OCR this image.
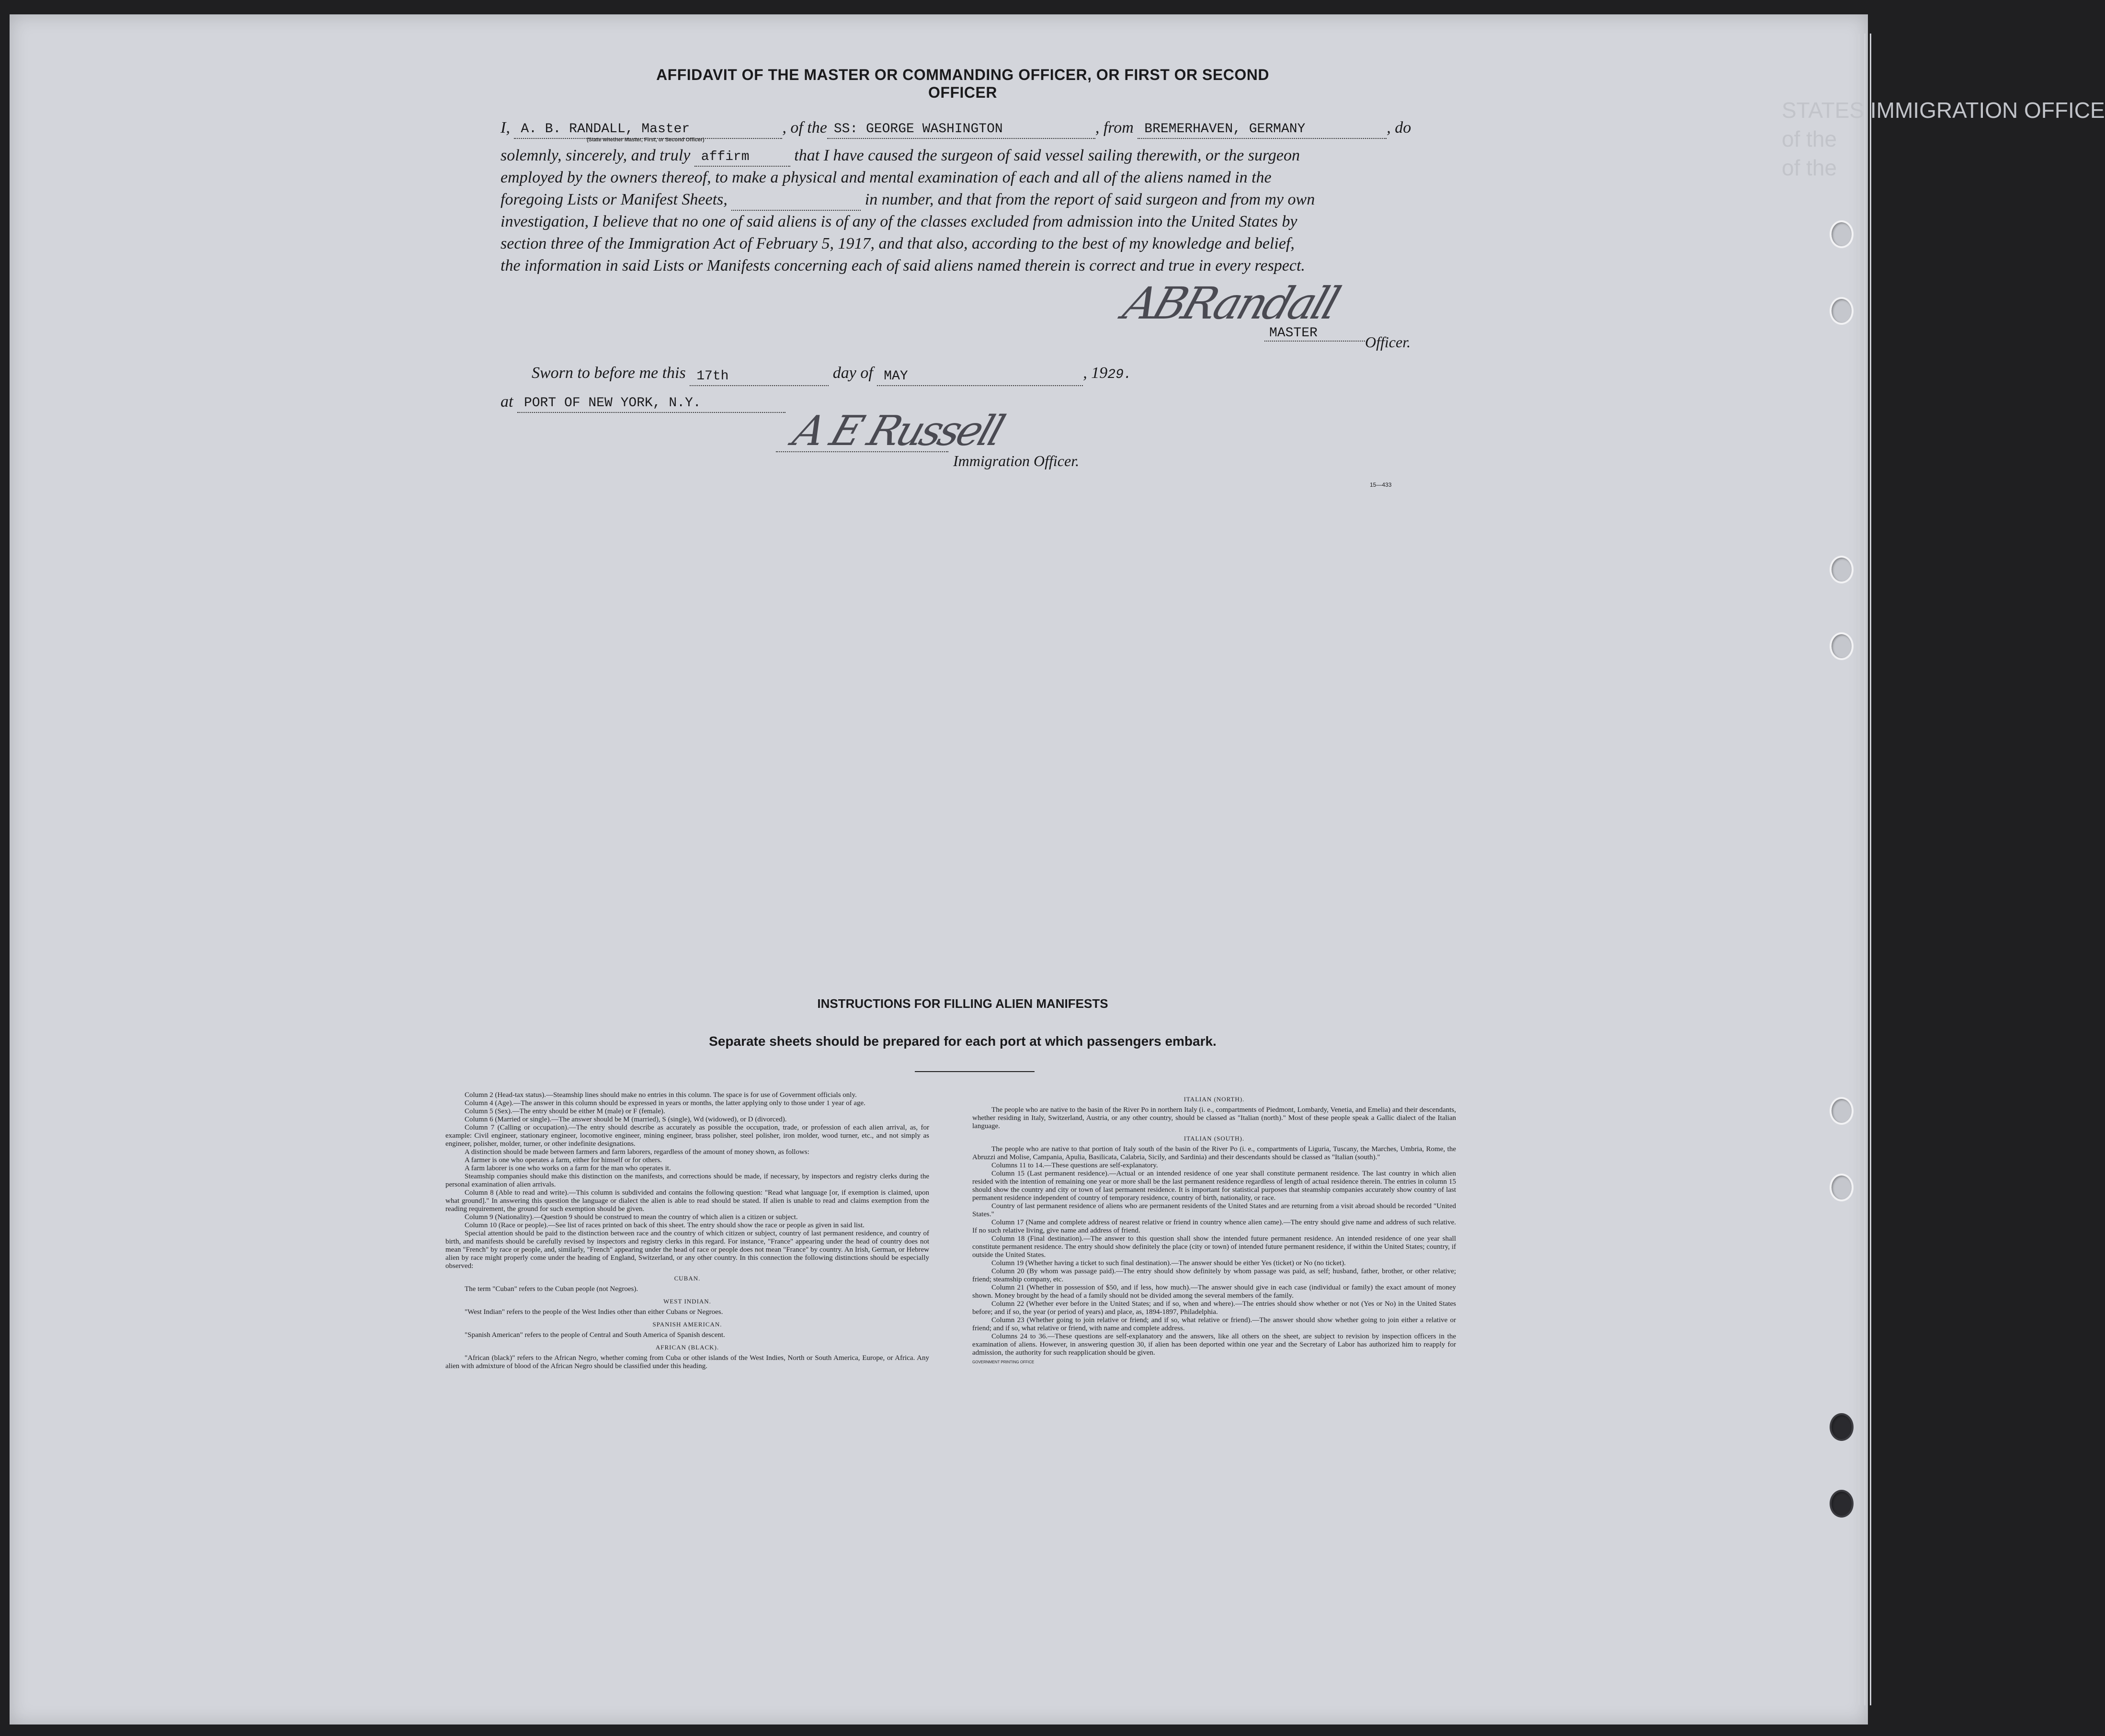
STATES IMMIGRATION OFFICE
of the
of the
AFFIDAVIT OF THE MASTER OR COMMANDING OFFICER, OR FIRST OR SECOND OFFICER
I, A. B. RANDALL, Master	, of the SS: GEORGE WASHINGTON	, from BREMERHAVEN, GERMANY	, do
(State whether Master, First, or Second Officer)
solemnly, sincerely, and truly affirm	that I have caused the surgeon of said vessel sailing therewith, or the surgeon
employed by the owners thereof, to make a physical and mental examination of each and all of the aliens named in the
foregoing Lists or Manifest Sheets,	in number, and that from the report of said surgeon and from my own
investigation, I believe that no one of said aliens is of any of the classes excluded from admission into the United States by
section three of the Immigration Act of February 5, 1917, and that also, according to the best of my knowledge and belief,
the information in said Lists or Manifests concerning each of said aliens named therein is correct and true in every respect.
ABRandall
MASTER
Officer.
Sworn to before me this 17th	day of MAY	, 1929.
at PORT OF NEW YORK, N.Y.
A E Russell
Immigration Officer.
15—433
INSTRUCTIONS FOR FILLING ALIEN MANIFESTS
Separate sheets should be prepared for each port at which passengers embark.

Column 2 (Head-tax status).—Steamship lines should make no entries in this column. The space is for use of Government officials only.

Column 4 (Age).—The answer in this column should be expressed in years or months, the latter applying only to those under 1 year of age.

Column 5 (Sex).—The entry should be either M (male) or F (female).

Column 6 (Married or single).—The answer should be M (married), S (single), Wd (widowed), or D (divorced).

Column 7 (Calling or occupation).—The entry should describe as accurately as possible the occupation, trade, or profession of each alien arrival, as, for example: Civil engineer, stationary engineer, locomotive engineer, mining engineer, brass polisher, steel polisher, iron molder, wood turner, etc., and not simply as engineer, polisher, molder, turner, or other indefinite designations.

A distinction should be made between farmers and farm laborers, regardless of the amount of money shown, as follows:

A farmer is one who operates a farm, either for himself or for others.

A farm laborer is one who works on a farm for the man who operates it.

Steamship companies should make this distinction on the manifests, and corrections should be made, if necessary, by inspectors and registry clerks during the personal examination of alien arrivals.

Column 8 (Able to read and write).—This column is subdivided and contains the following question: "Read what language [or, if exemption is claimed, upon what ground]." In answering this question the language or dialect the alien is able to read should be stated. If alien is unable to read and claims exemption from the reading requirement, the ground for such exemption should be given.

Column 9 (Nationality).—Question 9 should be construed to mean the country of which alien is a citizen or subject.

Column 10 (Race or people).—See list of races printed on back of this sheet. The entry should show the race or people as given in said list.

Special attention should be paid to the distinction between race and the country of which citizen or subject, country of last permanent residence, and country of birth, and manifests should be carefully revised by inspectors and registry clerks in this regard. For instance, "France" appearing under the head of country does not mean "French" by race or people, and, similarly, "French" appearing under the head of race or people does not mean "France" by country. An Irish, German, or Hebrew alien by race might properly come under the heading of England, Switzerland, or any other country. In this connection the following distinctions should be especially observed:

CUBAN.

The term "Cuban" refers to the Cuban people (not Negroes).

WEST INDIAN.

"West Indian" refers to the people of the West Indies other than either Cubans or Negroes.

SPANISH AMERICAN.

"Spanish American" refers to the people of Central and South America of Spanish descent.

AFRICAN (BLACK).

"African (black)" refers to the African Negro, whether coming from Cuba or other islands of the West Indies, North or South America, Europe, or Africa. Any alien with admixture of blood of the African Negro should be classified under this heading.

ITALIAN (NORTH).

The people who are native to the basin of the River Po in northern Italy (i. e., compartments of Piedmont, Lombardy, Venetia, and Emelia) and their descendants, whether residing in Italy, Switzerland, Austria, or any other country, should be classed as "Italian (north)." Most of these people speak a Gallic dialect of the Italian language.

ITALIAN (SOUTH).

The people who are native to that portion of Italy south of the basin of the River Po (i. e., compartments of Liguria, Tuscany, the Marches, Umbria, Rome, the Abruzzi and Molise, Campania, Apulia, Basilicata, Calabria, Sicily, and Sardinia) and their descendants should be classed as "Italian (south)."

Columns 11 to 14.—These questions are self-explanatory.

Column 15 (Last permanent residence).—Actual or an intended residence of one year shall constitute permanent residence. The last country in which alien resided with the intention of remaining one year or more shall be the last permanent residence regardless of length of actual residence therein. The entries in column 15 should show the country and city or town of last permanent residence. It is important for statistical purposes that steamship companies accurately show country of last permanent residence independent of country of temporary residence, country of birth, nationality, or race.

Country of last permanent residence of aliens who are permanent residents of the United States and are returning from a visit abroad should be recorded "United States."

Column 17 (Name and complete address of nearest relative or friend in country whence alien came).—The entry should give name and address of such relative. If no such relative living, give name and address of friend.

Column 18 (Final destination).—The answer to this question shall show the intended future permanent residence. An intended residence of one year shall constitute permanent residence. The entry should show definitely the place (city or town) of intended future permanent residence, if within the United States; country, if outside the United States.

Column 19 (Whether having a ticket to such final destination).—The answer should be either Yes (ticket) or No (no ticket).

Column 20 (By whom was passage paid).—The entry should show definitely by whom passage was paid, as self; husband, father, brother, or other relative; friend; steamship company, etc.

Column 21 (Whether in possession of $50, and if less, how much).—The answer should give in each case (individual or family) the exact amount of money shown. Money brought by the head of a family should not be divided among the several members of the family.

Column 22 (Whether ever before in the United States; and if so, when and where).—The entries should show whether or not (Yes or No) in the United States before; and if so, the year (or period of years) and place, as, 1894-1897, Philadelphia.

Column 23 (Whether going to join relative or friend; and if so, what relative or friend).—The answer should show whether going to join either a relative or friend; and if so, what relative or friend, with name and complete address.

Columns 24 to 36.—These questions are self-explanatory and the answers, like all others on the sheet, are subject to revision by inspection officers in the examination of aliens. However, in answering question 30, if alien has been deported within one year and the Secretary of Labor has authorized him to reapply for admission, the authority for such reapplication should be given.

GOVERNMENT PRINTING OFFICE
